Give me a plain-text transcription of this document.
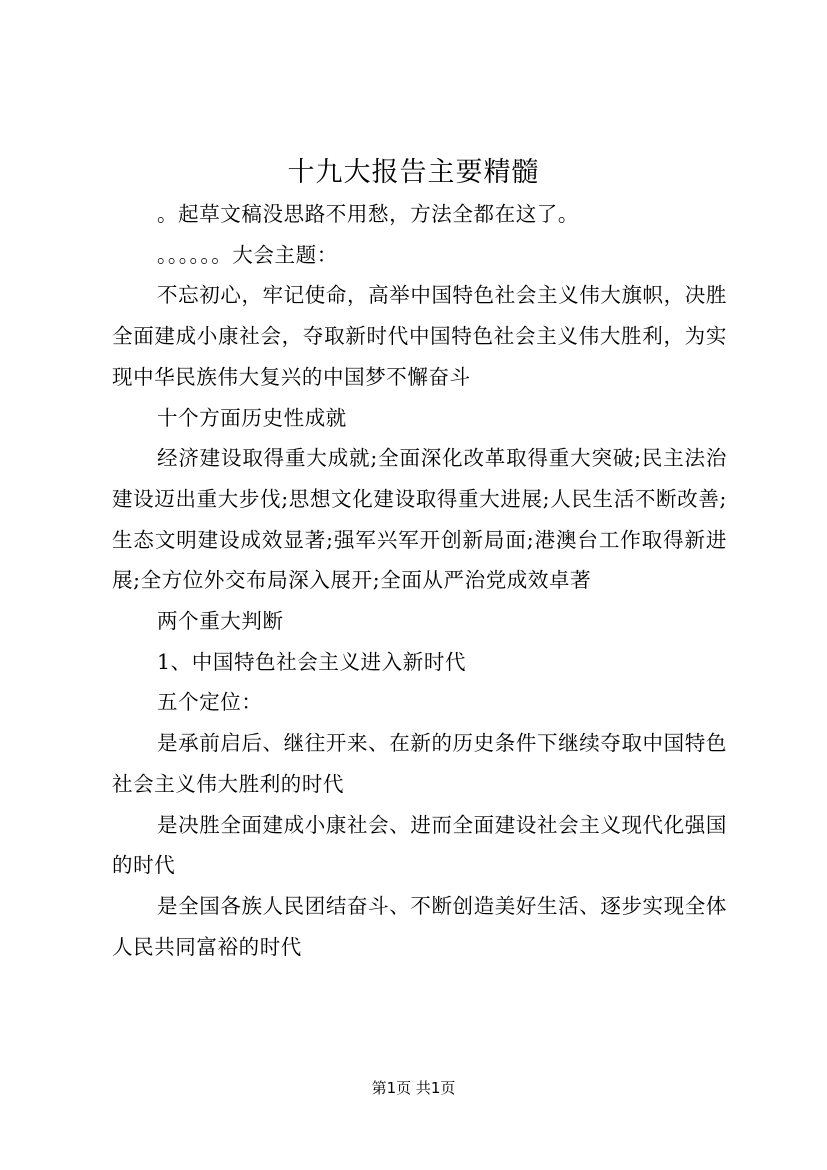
十九大报告主要精髓

。起草文稿没思路不用愁，方法全都在这了。

。。。。。。大会主题：

不忘初心，牢记使命，高举中国特色社会主义伟大旗帜，决胜全面建成小康社会，夺取新时代中国特色社会主义伟大胜利，为实现中华民族伟大复兴的中国梦不懈奋斗

十个方面历史性成就

经济建设取得重大成就;全面深化改革取得重大突破;民主法治建设迈出重大步伐;思想文化建设取得重大进展;人民生活不断改善;生态文明建设成效显著;强军兴军开创新局面;港澳台工作取得新进展;全方位外交布局深入展开;全面从严治党成效卓著

两个重大判断

1、中国特色社会主义进入新时代

五个定位：

是承前启后、继往开来、在新的历史条件下继续夺取中国特色社会主义伟大胜利的时代

是决胜全面建成小康社会、进而全面建设社会主义现代化强国的时代

是全国各族人民团结奋斗、不断创造美好生活、逐步实现全体人民共同富裕的时代

第1页 共1页
